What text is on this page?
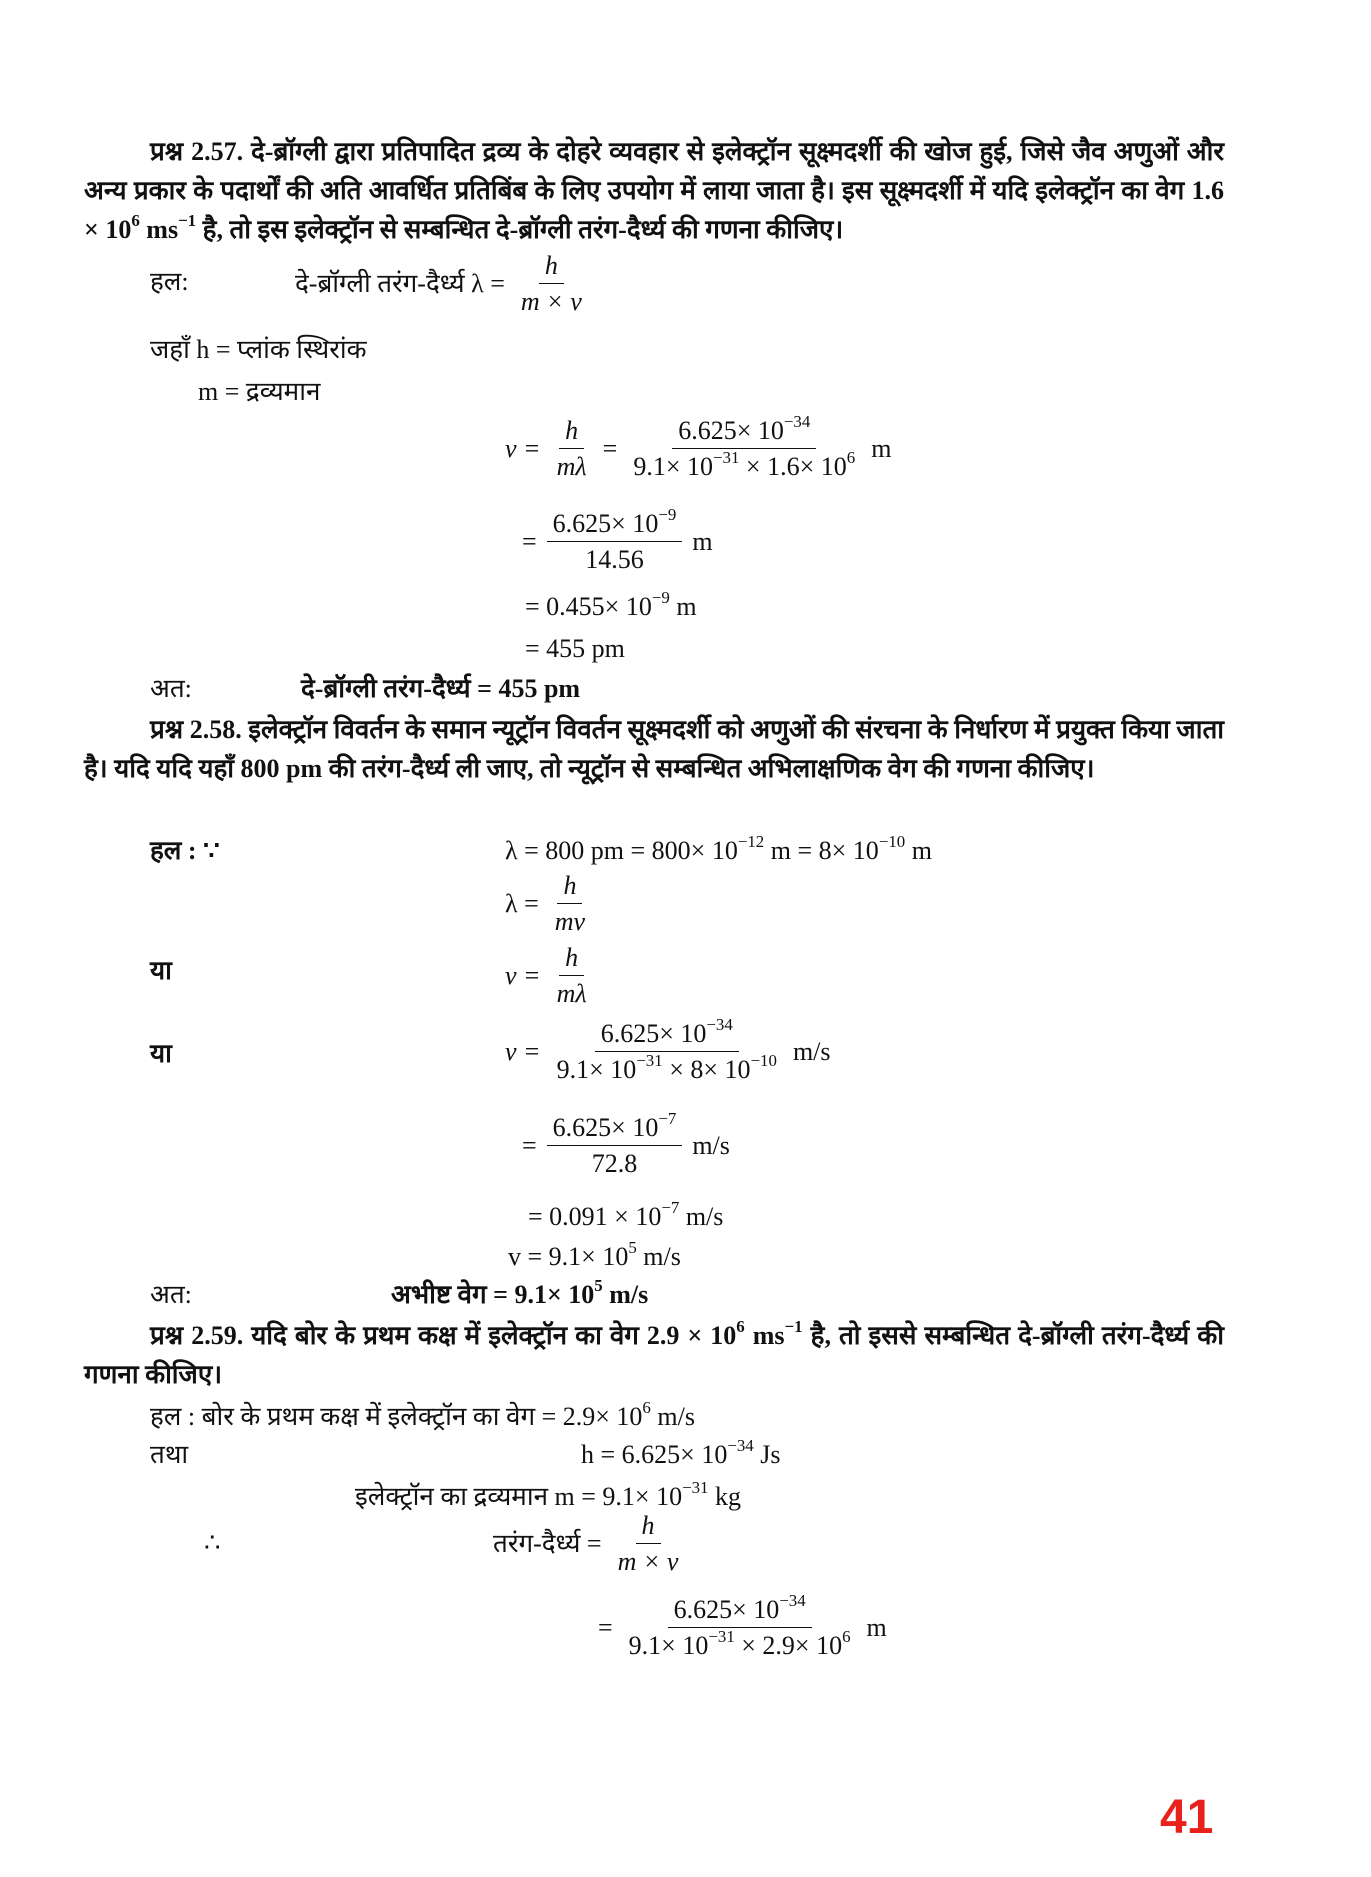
प्रश्न 2.57. दे-ब्रॉग्ली द्वारा प्रतिपादित द्रव्य के दोहरे व्यवहार से इलेक्ट्रॉन सूक्ष्मदर्शी की खोज हुई, जिसे जैव अणुओं और अन्य प्रकार के पदार्थों की अति आवर्धित प्रतिबिंब के लिए उपयोग में लाया जाता है। इस सूक्ष्मदर्शी में यदि इलेक्ट्रॉन का वेग $1.6 \times 10^6$ $ms^{-1}$ है, तो इस इलेक्ट्रॉन से सम्बन्धित दे-ब्रॉग्ली तरंग-दैर्ध्य की गणना कीजिए।
हल:	दे-ब्रॉग्ली तरंग-दैर्ध्य $\lambda = \frac{h}{m \times v}$
जहाँ h = प्लांक स्थिरांक
m = द्रव्यमान
$v = \frac{h}{m\lambda} = \frac{6.625\times 10^{-34}}{9.1\times 10^{-31} \times 1.6\times 10^6}$ m
= $\frac{6.625\times 10^{-9}}{14.56}$ m
= $0.455\times 10^{-9}$ m
= 455 pm
अत:	दे-ब्रॉग्ली तरंग-दैर्ध्य = 455 pm
प्रश्न 2.58. इलेक्ट्रॉन विवर्तन के समान न्यूट्रॉन विवर्तन सूक्ष्मदर्शी को अणुओं की संरचना के निर्धारण में प्रयुक्त किया जाता है। यदि यदि यहाँ 800 pm की तरंग-दैर्ध्य ली जाए, तो न्यूट्रॉन से सम्बन्धित अभिलाक्षणिक वेग की गणना कीजिए।
हल : ∵	λ = 800 pm = $800\times 10^{-12}$ $m = 8\times 10^{-10}$ m
$\lambda = \frac{h}{mv}$
या	$v = \frac{h}{m\lambda}$
या	$v = \frac{6.625\times 10^{-34}}{9.1\times 10^{-31} \times 8\times 10^{-10}} m/s$
= $\frac{6.625\times 10^{-7}}{72.8} m/s$
= $0.091 \times 10^{-7}$ m/s
$v = 9.1\times 10^5$ m/s
अत:	अभीष्ट वेग = $9.1\times 10^5$ m/s
प्रश्न 2.59. यदि बोर के प्रथम कक्ष में इलेक्ट्रॉन का वेग $2.9 \times 10^6$ $ms^{-1}$ है, तो इससे सम्बन्धित दे-ब्रॉग्ली तरंग-दैर्ध्य की गणना कीजिए।
हल : बोर के प्रथम कक्ष में इलेक्ट्रॉन का वेग = $2.9\times 10^6$ m/s
तथा	$h = 6.625\times 10^{-34}$ Js
इलेक्ट्रॉन का द्रव्यमान $m = 9.1\times 10^{-31}$ kg
∴	तरंग-दैर्ध्य = $\frac{h}{m \times v}$
= $\frac{6.625\times 10^{-34}}{9.1\times 10^{-31} \times 2.9\times 10^6}$ m
41
